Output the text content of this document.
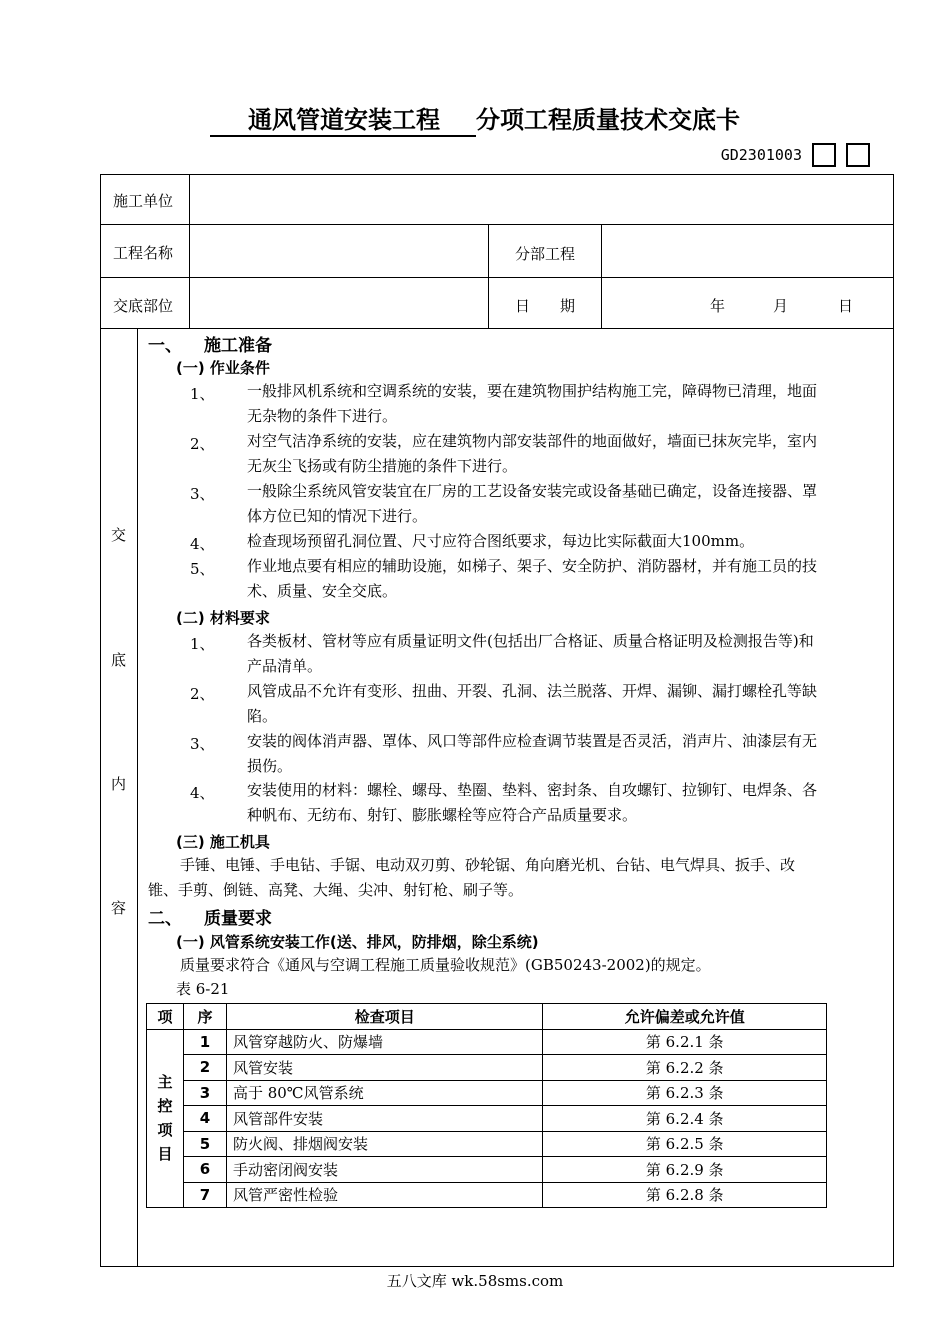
通风管道安装工程 分项工程质量技术交底卡
GD2301003
施工单位
工程名称	分部工程
交底部位	日　　期	年	月	日
交
底
内
容
一、 施工准备
(一) 作业条件
1、 一般排风机系统和空调系统的安装，要在建筑物围护结构施工完，障碍物已清理，地面
无杂物的条件下进行。
2、 对空气洁净系统的安装，应在建筑物内部安装部件的地面做好，墙面已抹灰完毕，室内
无灰尘飞扬或有防尘措施的条件下进行。
3、 一般除尘系统风管安装宜在厂房的工艺设备安装完或设备基础已确定，设备连接器、罩
体方位已知的情况下进行。
4、 检查现场预留孔洞位置、尺寸应符合图纸要求，每边比实际截面大100mm。
5、 作业地点要有相应的辅助设施，如梯子、架子、安全防护、消防器材，并有施工员的技
术、质量、安全交底。
(二) 材料要求
1、 各类板材、管材等应有质量证明文件(包括出厂合格证、质量合格证明及检测报告等)和
产品清单。
2、 风管成品不允许有变形、扭曲、开裂、孔洞、法兰脱落、开焊、漏铆、漏打螺栓孔等缺
陷。
3、 安装的阀体消声器、罩体、风口等部件应检查调节装置是否灵活，消声片、油漆层有无
损伤。
4、 安装使用的材料：螺栓、螺母、垫圈、垫料、密封条、自攻螺钉、拉铆钉、电焊条、各
种帆布、无纺布、射钉、膨胀螺栓等应符合产品质量要求。
(三) 施工机具
手锤、电锤、手电钻、手锯、电动双刃剪、砂轮锯、角向磨光机、台钻、电气焊具、扳手、改
锥、手剪、倒链、高凳、大绳、尖冲、射钉枪、刷子等。
二、 质量要求
(一) 风管系统安装工作(送、排风，防排烟，除尘系统)
质量要求符合《通风与空调工程施工质量验收规范》(GB50243-2002)的规定。
表 6-21
项	序	检查项目	允许偏差或允许值
主控项目	1	风管穿越防火、防爆墙	第 6.2.1 条
	2	风管安装	第 6.2.2 条
	3	高于 80℃风管系统	第 6.2.3 条
	4	风管部件安装	第 6.2.4 条
	5	防火阀、排烟阀安装	第 6.2.5 条
	6	手动密闭阀安装	第 6.2.9 条
	7	风管严密性检验	第 6.2.8 条
五八文库 wk.58sms.com
